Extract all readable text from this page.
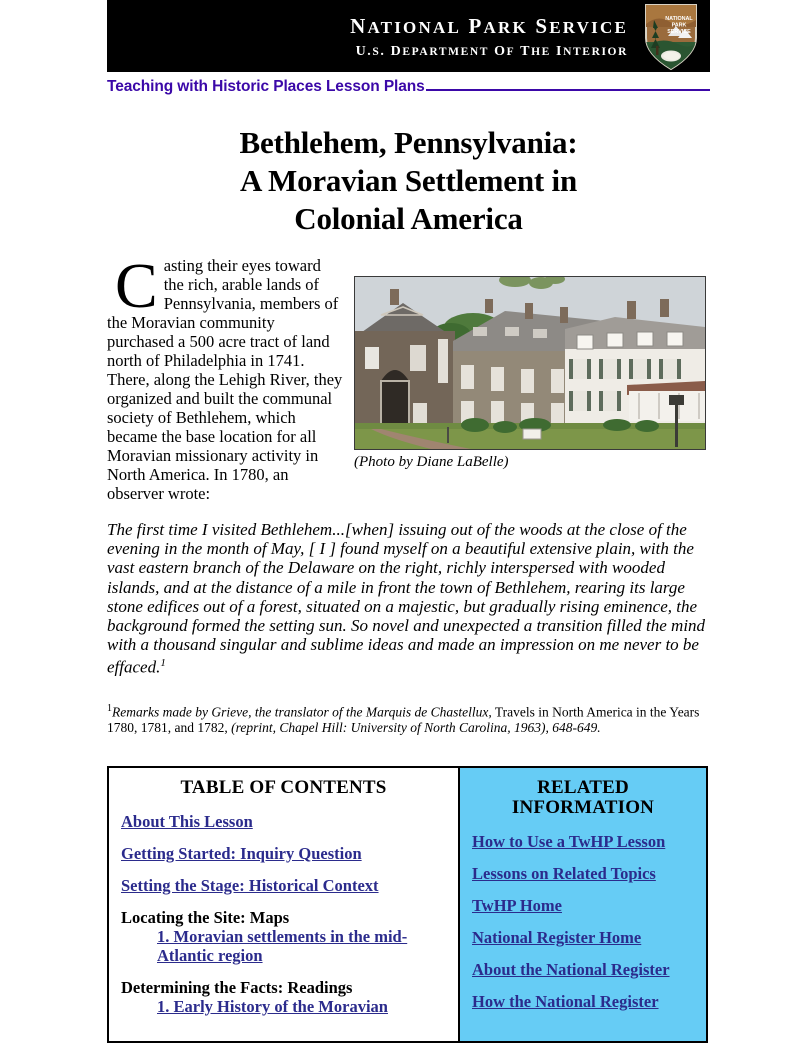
NATIONAL PARK SERVICE
U.S. DEPARTMENT OF THE INTERIOR
NATIONAL
PARK
SERVICE
Teaching with Historic Places Lesson Plans
Bethlehem, Pennsylvania:
A Moravian Settlement in
Colonial America
(Photo by Diane LaBelle)

Casting their eyes toward the rich, arable lands of Pennsylvania, members of the Moravian community purchased a 500 acre tract of land north of Philadelphia in 1741. There, along the Lehigh River, they organized and built the communal society of Bethlehem, which became the base location for all Moravian missionary activity in North America. In 1780, an observer wrote:

The first time I visited Bethlehem...[when] issuing out of the woods at the close of the evening in the month of May, [ I ] found myself on a beautiful extensive plain, with the vast eastern branch of the Delaware on the right, richly interspersed with wooded islands, and at the distance of a mile in front the town of Bethlehem, rearing its large stone edifices out of a forest, situated on a majestic, but gradually rising eminence, the background formed the setting sun. So novel and unexpected a transition filled the mind with a thousand singular and sublime ideas and made an impression on me never to be effaced.$^1$

$^1$Remarks made by Grieve, the translator of the Marquis de Chastellux, Travels in North America in the Years 1780, 1781, and 1782, (reprint, Chapel Hill: University of North Carolina, 1963), 648-649.

TABLE OF CONTENTS
About This Lesson
Getting Started: Inquiry Question
Setting the Stage: Historical Context
Locating the Site: Maps
1. Moravian settlements in the mid-Atlantic region
Determining the Facts: Readings
1. Early History of the Moravian
RELATED
INFORMATION
How to Use a TwHP Lesson
Lessons on Related Topics
TwHP Home
National Register Home
About the National Register
How the National Register
